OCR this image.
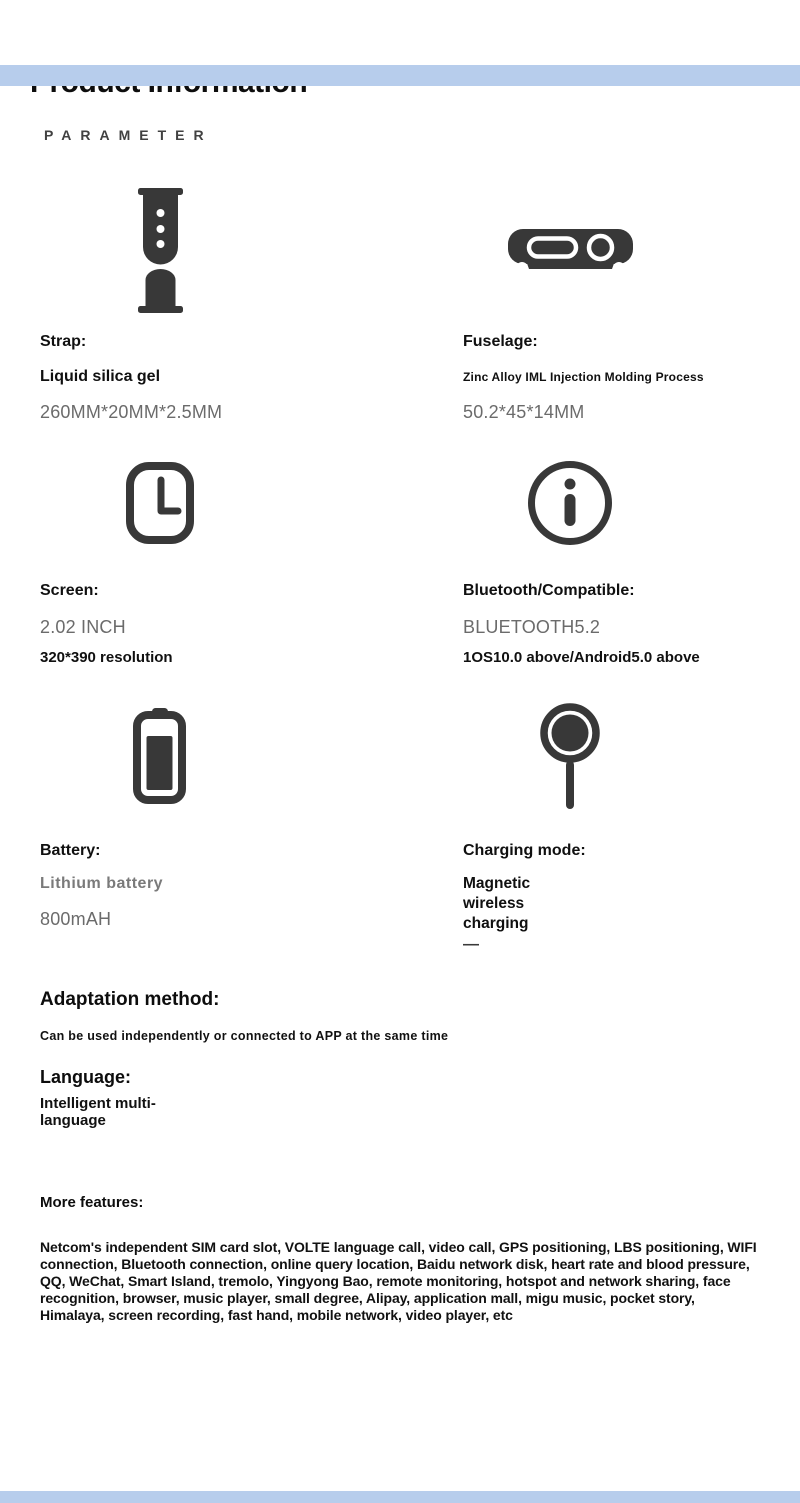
PARAMETER
Strap:
Liquid silica gel
260MM*20MM*2.5MM
Fuselage:
Zinc Alloy IML Injection Molding Process
50.2*45*14MM
Screen:
2.02 INCH
320*390 resolution
Bluetooth/Compatible:
BLUETOOTH5.2
1OS10.0 above/Android5.0 above
Battery:
Lithium battery
800mAH
Charging mode:
Magnetic wireless charging
—
Adaptation method:
Can be used independently or connected to APP at the same time
Language:
Intelligent multi-language
More features:
Netcom's independent SIM card slot, VOLTE language call, video call, GPS positioning, LBS positioning, WIFI connection, Bluetooth connection, online query location, Baidu network disk, heart rate and blood pressure, QQ, WeChat, Smart Island, tremolo, Yingyong Bao, remote monitoring, hotspot and network sharing, face recognition, browser, music player, small degree, Alipay, application mall, migu music, pocket story, Himalaya, screen recording, fast hand, mobile network, video player, etc
